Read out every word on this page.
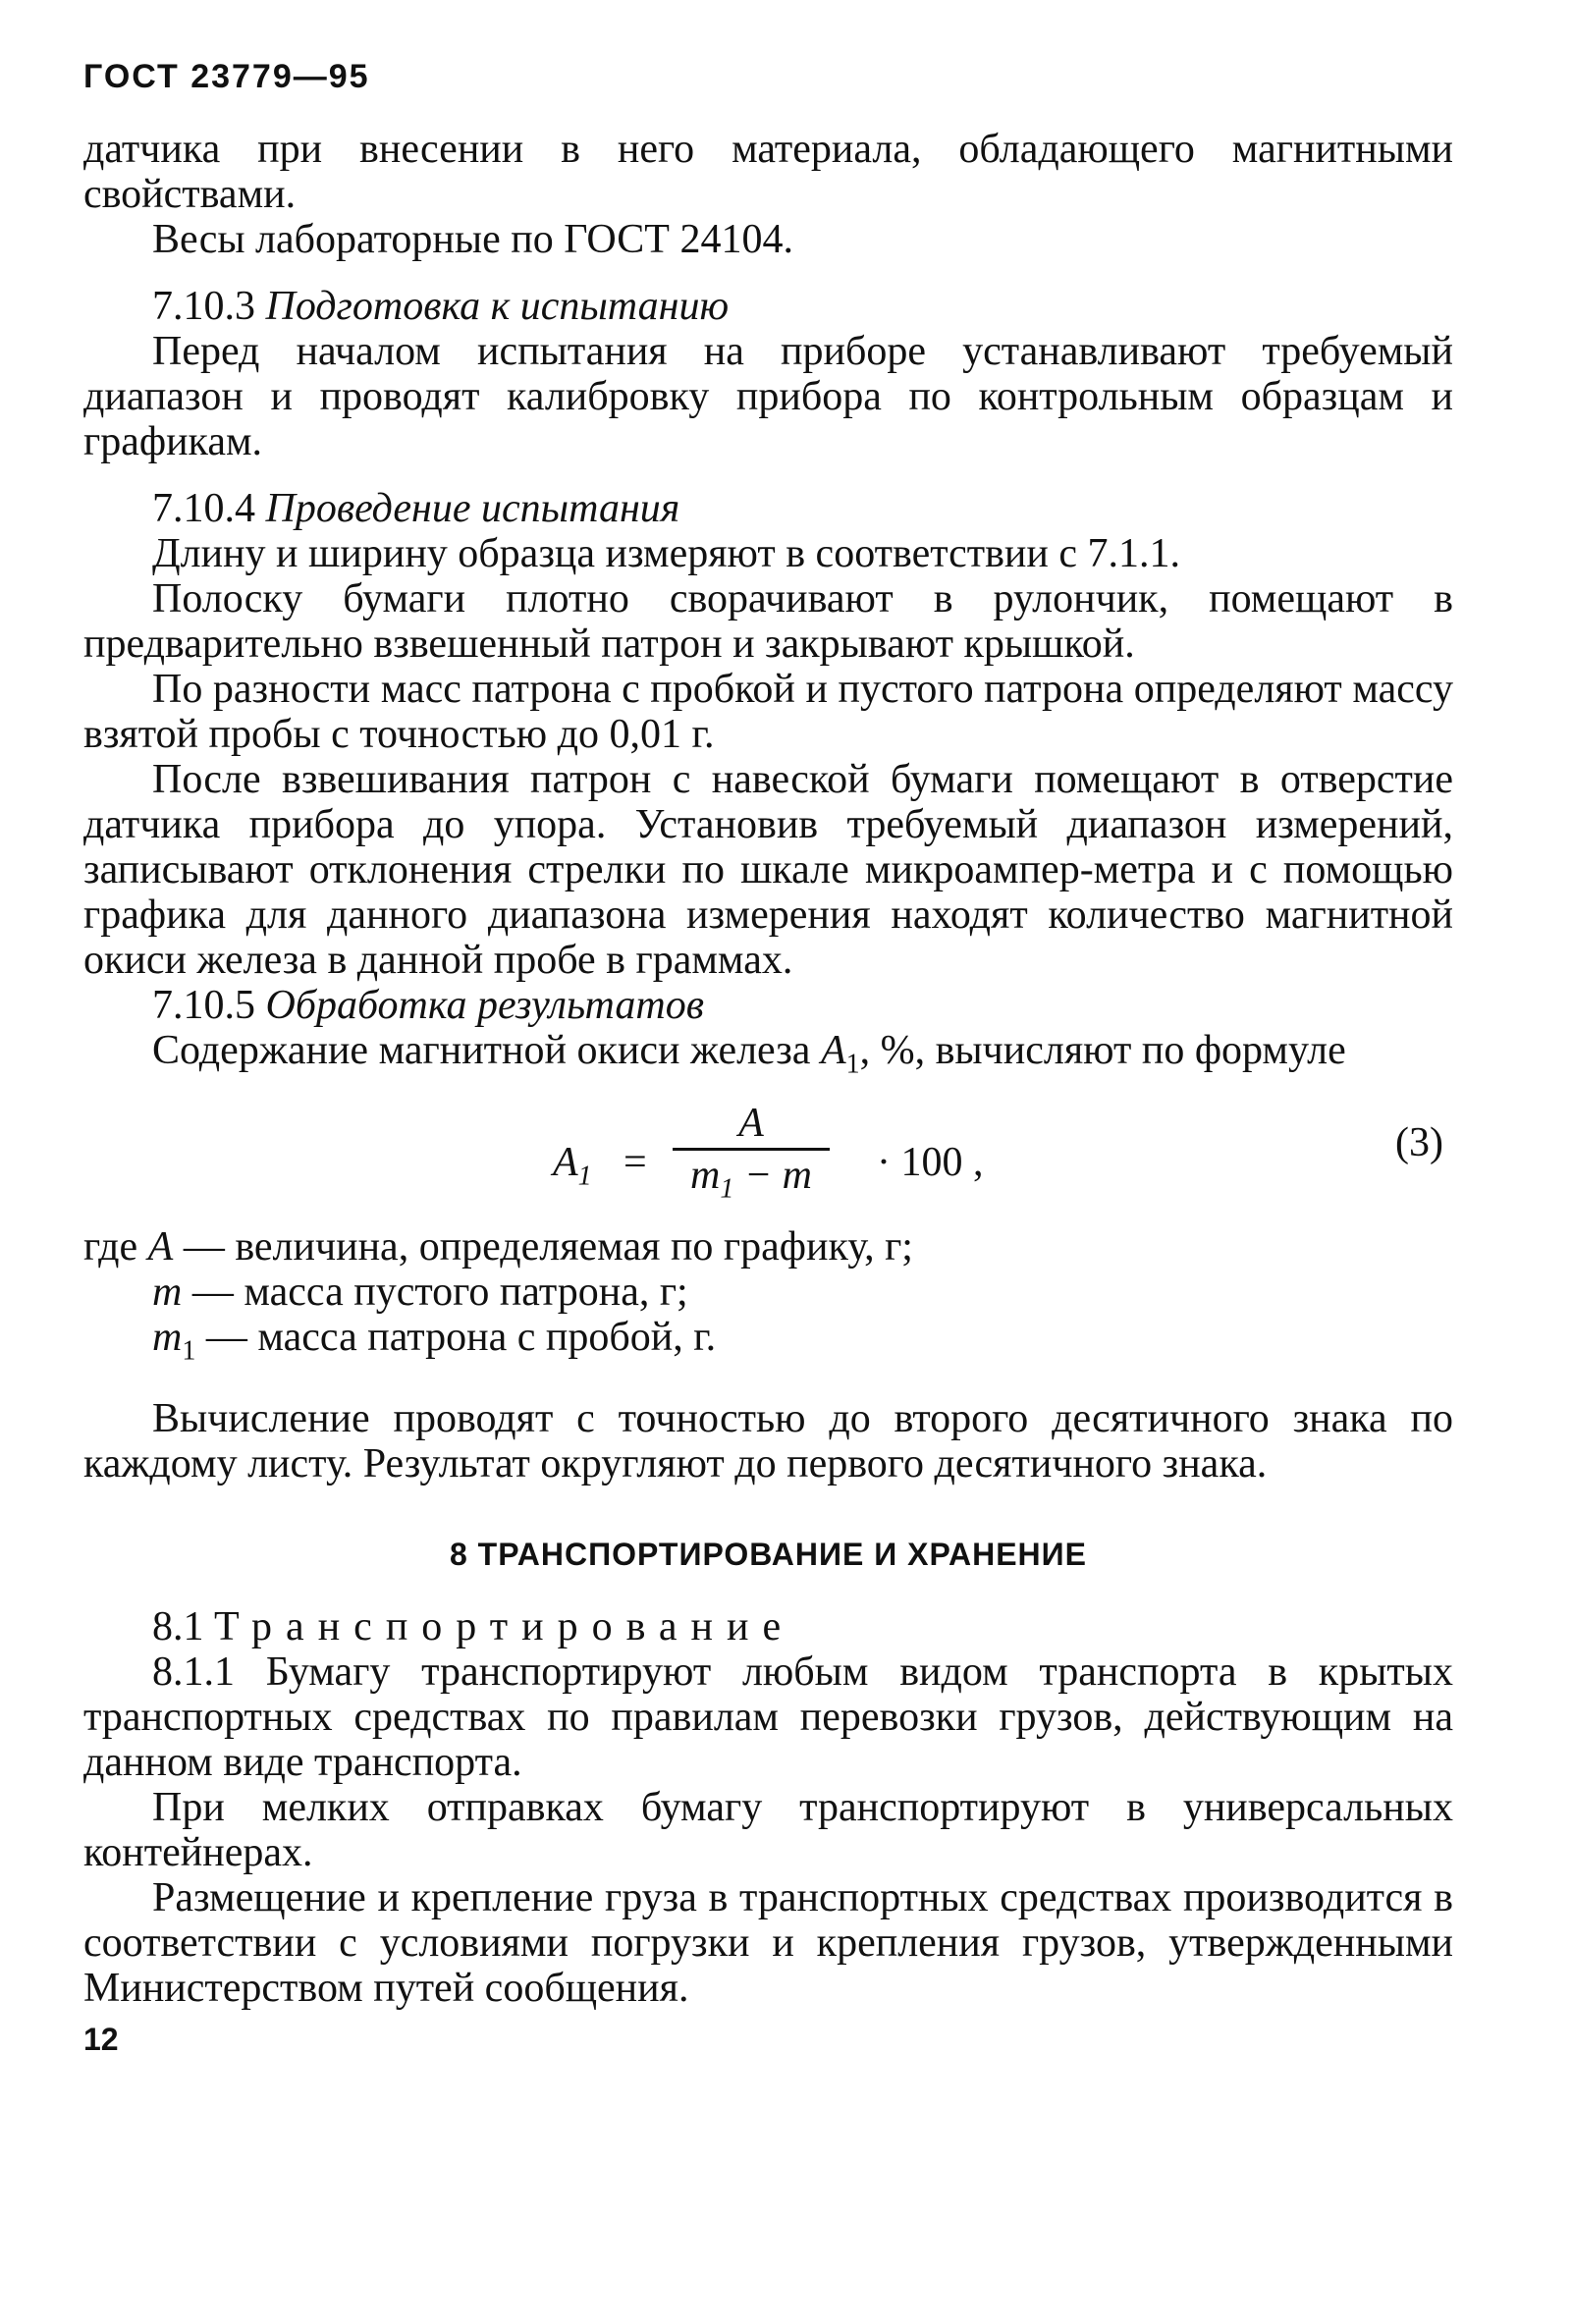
ГОСТ 23779—95

датчика при внесении в него материала, обладающего магнитными свойствами.

Весы лабораторные по ГОСТ 24104.

7.10.3 Подготовка к испытанию

Перед началом испытания на приборе устанавливают требуемый диапазон и проводят калибровку прибора по контрольным образцам и графикам.

7.10.4 Проведение испытания

Длину и ширину образца измеряют в соответствии с 7.1.1.

Полоску бумаги плотно сворачивают в рулончик, помещают в предварительно взвешенный патрон и закрывают крышкой.

По разности масс патрона с пробкой и пустого патрона определяют массу взятой пробы с точностью до 0,01 г.

После взвешивания патрон с навеской бумаги помещают в отверстие датчика прибора до упора. Установив требуемый диапазон измерений, записывают отклонения стрелки по шкале микроампер-метра и с помощью графика для данного диапазона измерения находят количество магнитной окиси железа в данной пробе в граммах.

7.10.5 Обработка результатов

Содержание магнитной окиси железа $A_1$, %, вычисляют по формуле

$A_1$ =
A
$m_1 - m$	· 100 ,	(3)

где A — величина, определяемая по графику, г;

m — масса пустого патрона, г;

$m_1$ — масса патрона с пробой, г.

Вычисление проводят с точностью до второго десятичного знака по каждому листу. Результат округляют до первого десятичного знака.

8 ТРАНСПОРТИРОВАНИЕ И ХРАНЕНИЕ

8.1 Транспортирование

8.1.1 Бумагу транспортируют любым видом транспорта в крытых транспортных средствах по правилам перевозки грузов, действующим на данном виде транспорта.

При мелких отправках бумагу транспортируют в универсальных контейнерах.

Размещение и крепление груза в транспортных средствах производится в соответствии с условиями погрузки и крепления грузов, утвержденными Министерством путей сообщения.

12
